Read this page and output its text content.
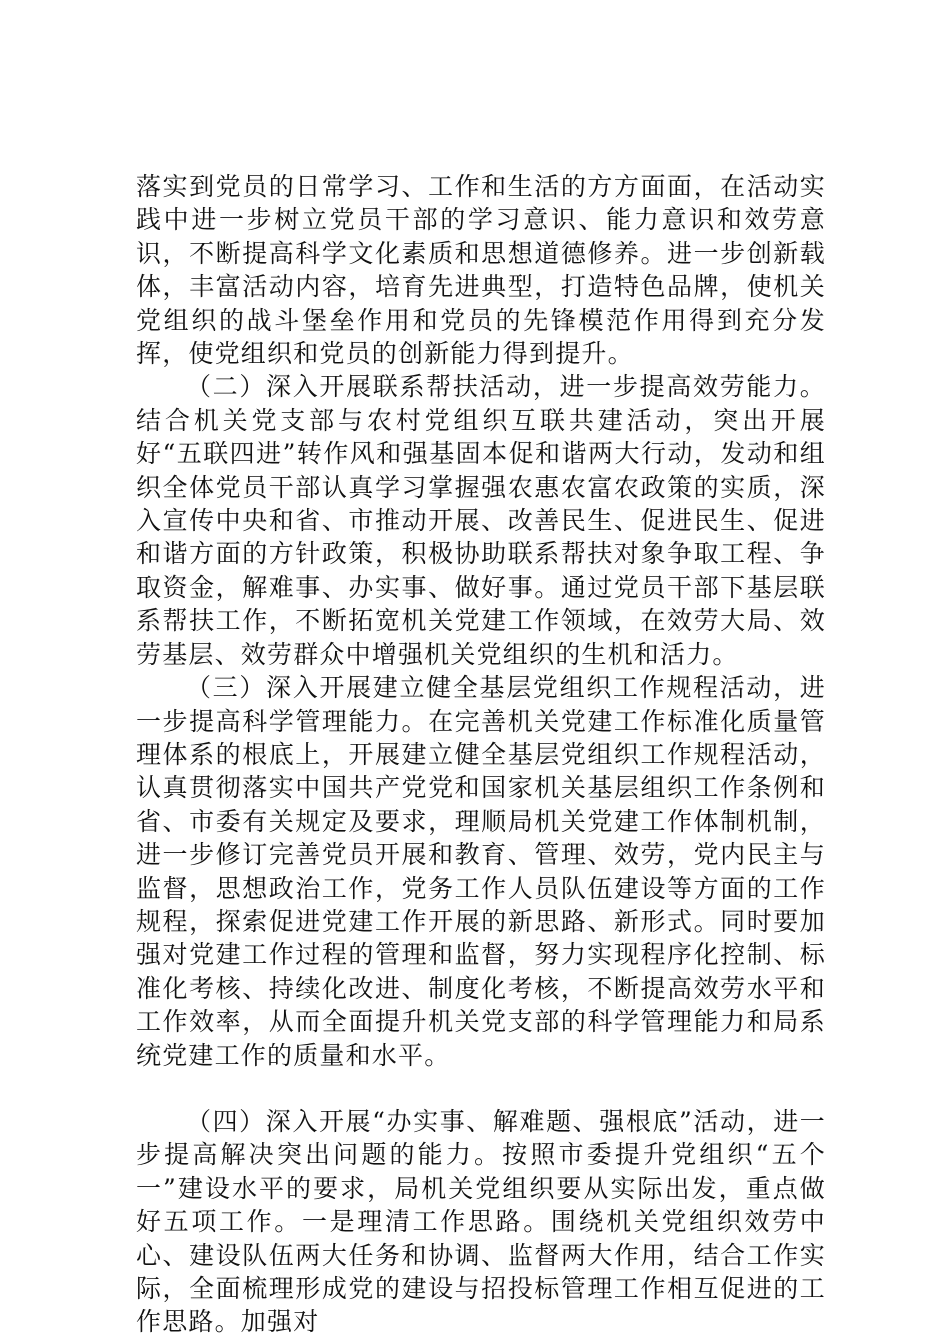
落实到党员的日常学习、工作和生活的方方面面，在活动实践中进一步树立党员干部的学习意识、能力意识和效劳意识，不断提高科学文化素质和思想道德修养。进一步创新载体，丰富活动内容，培育先进典型，打造特色品牌，使机关党组织的战斗堡垒作用和党员的先锋模范作用得到充分发挥，使党组织和党员的创新能力得到提升。

（二）深入开展联系帮扶活动，进一步提高效劳能力。结合机关党支部与农村党组织互联共建活动，突出开展好“五联四进”转作风和强基固本促和谐两大行动，发动和组织全体党员干部认真学习掌握强农惠农富农政策的实质，深入宣传中央和省、市推动开展、改善民生、促进民生、促进和谐方面的方针政策，积极协助联系帮扶对象争取工程、争取资金，解难事、办实事、做好事。通过党员干部下基层联系帮扶工作，不断拓宽机关党建工作领域，在效劳大局、效劳基层、效劳群众中增强机关党组织的生机和活力。

（三）深入开展建立健全基层党组织工作规程活动，进一步提高科学管理能力。在完善机关党建工作标准化质量管理体系的根底上，开展建立健全基层党组织工作规程活动，认真贯彻落实中国共产党党和国家机关基层组织工作条例和省、市委有关规定及要求，理顺局机关党建工作体制机制，进一步修订完善党员开展和教育、管理、效劳，党内民主与监督，思想政治工作，党务工作人员队伍建设等方面的工作规程，探索促进党建工作开展的新思路、新形式。同时要加强对党建工作过程的管理和监督，努力实现程序化控制、标准化考核、持续化改进、制度化考核，不断提高效劳水平和工作效率，从而全面提升机关党支部的科学管理能力和局系统党建工作的质量和水平。

（四）深入开展“办实事、解难题、强根底”活动，进一步提高解决突出问题的能力。按照市委提升党组织“五个一”建设水平的要求，局机关党组织要从实际出发，重点做好五项工作。一是理清工作思路。围绕机关党组织效劳中心、建设队伍两大任务和协调、监督两大作用，结合工作实际，全面梳理形成党的建设与招投标管理工作相互促进的工作思路。加强对
